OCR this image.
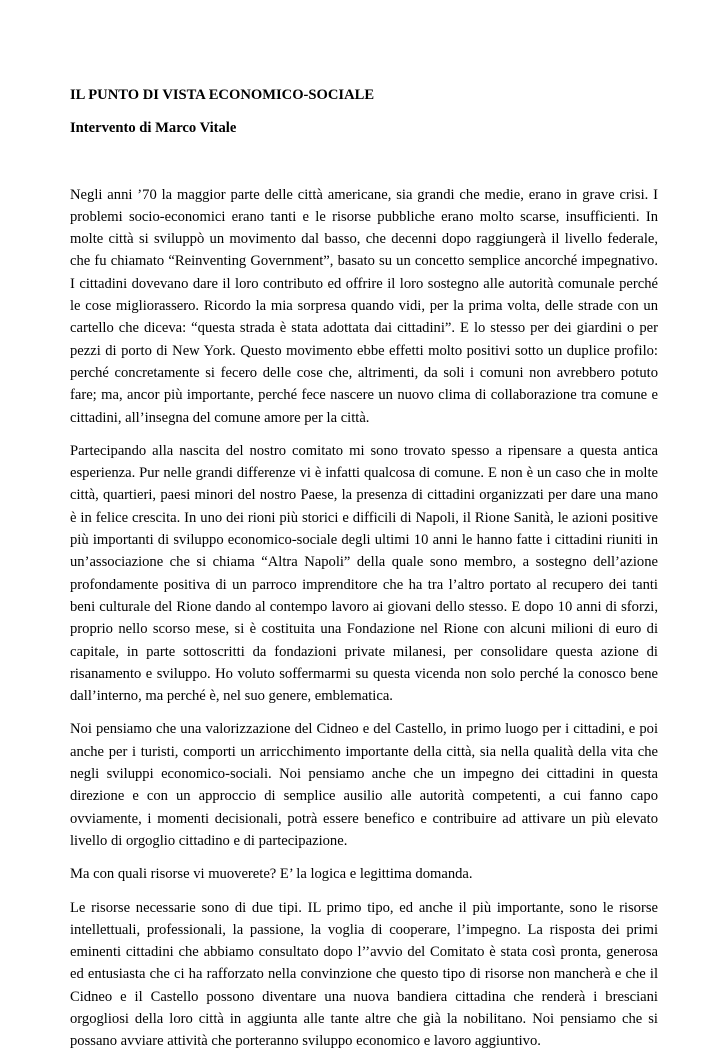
IL PUNTO DI VISTA ECONOMICO-SOCIALE

Intervento di Marco Vitale

Negli anni ’70 la maggior parte delle città americane, sia grandi che medie, erano in grave crisi. I problemi socio-economici erano tanti e le risorse pubbliche erano molto scarse, insufficienti. In molte città si sviluppò un movimento dal basso, che decenni dopo raggiungerà il livello federale, che fu chiamato “Reinventing Government”, basato su un concetto semplice ancorché impegnativo. I cittadini dovevano dare il loro contributo ed offrire il loro sostegno alle autorità comunale perché le cose migliorassero. Ricordo la mia sorpresa quando vidi, per la prima volta, delle strade con un cartello che diceva: “questa strada è stata adottata dai cittadini”. E lo stesso per dei giardini o per pezzi di porto di New York. Questo movimento ebbe effetti molto positivi sotto un duplice profilo: perché concretamente si fecero delle cose che, altrimenti, da soli i comuni non avrebbero potuto fare; ma, ancor più importante, perché fece nascere un nuovo clima di collaborazione tra comune e cittadini, all’insegna del comune amore per la città.

Partecipando alla nascita del nostro comitato mi sono trovato spesso a ripensare a questa antica esperienza. Pur nelle grandi differenze vi è infatti qualcosa di comune. E non è un caso che in molte città, quartieri, paesi minori del nostro Paese, la presenza di cittadini organizzati per dare una mano è in felice crescita. In uno dei rioni più storici e difficili di Napoli, il Rione Sanità, le azioni positive più importanti di sviluppo economico-sociale degli ultimi 10 anni le hanno fatte i cittadini riuniti in un’associazione che si chiama “Altra Napoli” della quale sono membro, a sostegno dell’azione profondamente positiva di un parroco imprenditore che ha tra l’altro portato al recupero dei tanti beni culturale del Rione dando al contempo lavoro ai giovani dello stesso. E dopo 10 anni di sforzi, proprio nello scorso mese, si è costituita una Fondazione nel Rione con alcuni milioni di euro di capitale, in parte sottoscritti da fondazioni private milanesi, per consolidare questa azione di risanamento e sviluppo. Ho voluto soffermarmi su questa vicenda non solo perché la conosco bene dall’interno, ma perché è, nel suo genere, emblematica.

Noi pensiamo che una valorizzazione del Cidneo e del Castello, in primo luogo per i cittadini, e poi anche per i turisti, comporti un arricchimento importante della città, sia nella qualità della vita che negli sviluppi economico-sociali. Noi pensiamo anche che un impegno dei cittadini in questa direzione e con un approccio di semplice ausilio alle autorità competenti, a cui fanno capo ovviamente, i momenti decisionali, potrà essere benefico e contribuire ad attivare un più elevato livello di orgoglio cittadino e di partecipazione.

Ma con quali risorse vi muoverete? E’ la logica e legittima domanda.

Le risorse necessarie sono di due tipi. IL primo tipo, ed anche il più importante, sono le risorse intellettuali, professionali, la passione, la voglia di cooperare, l’impegno. La risposta dei primi eminenti cittadini che abbiamo consultato dopo l’’avvio del Comitato è stata così pronta, generosa ed entusiasta che ci ha rafforzato nella convinzione che questo tipo di risorse non mancherà e che il Cidneo e il Castello possono diventare una nuova bandiera cittadina che renderà i bresciani orgogliosi della loro città in aggiunta alle tante altre che già la nobilitano. Noi pensiamo che si possano avviare attività che porteranno sviluppo economico e lavoro aggiuntivo.
